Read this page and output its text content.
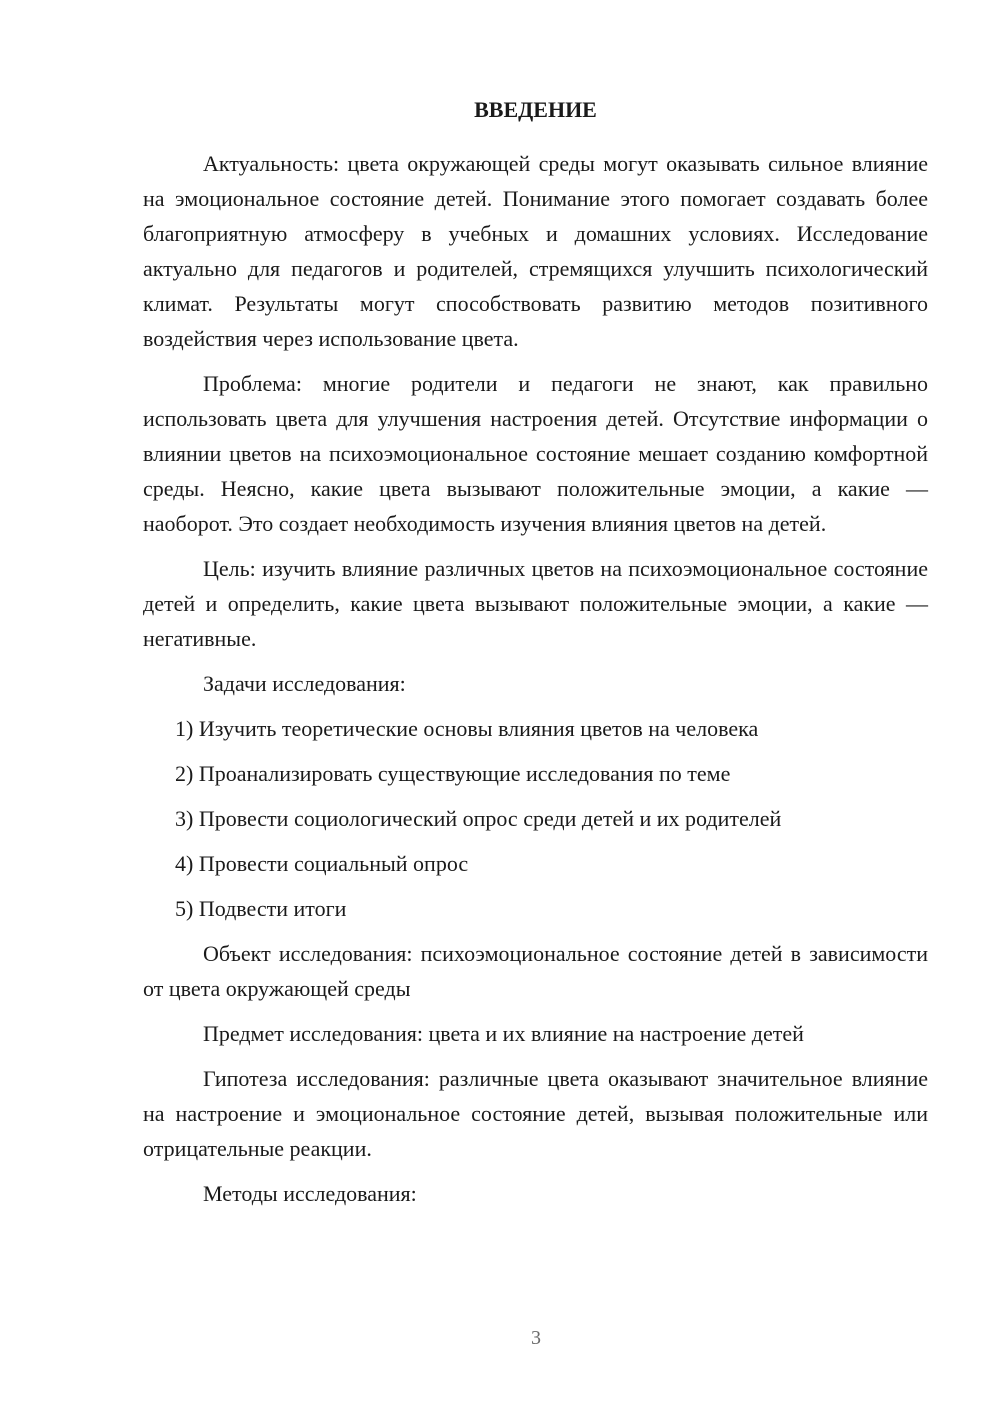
ВВЕДЕНИЕ

Актуальность: цвета окружающей среды могут оказывать сильное влияние на эмоциональное состояние детей. Понимание этого помогает создавать более благоприятную атмосферу в учебных и домашних условиях. Исследование актуально для педагогов и родителей, стремящихся улучшить психологический климат. Результаты могут способствовать развитию методов позитивного воздействия через использование цвета.

Проблема: многие родители и педагоги не знают, как правильно использовать цвета для улучшения настроения детей. Отсутствие информации о влиянии цветов на психоэмоциональное состояние мешает созданию комфортной среды. Неясно, какие цвета вызывают положительные эмоции, а какие — наоборот. Это создает необходимость изучения влияния цветов на детей.

Цель: изучить влияние различных цветов на психоэмоциональное состояние детей и определить, какие цвета вызывают положительные эмоции, а какие — негативные.

Задачи исследования:

1) Изучить теоретические основы влияния цветов на человека
2) Проанализировать существующие исследования по теме
3) Провести социологический опрос среди детей и их родителей
4) Провести социальный опрос
5) Подвести итоги

Объект исследования: психоэмоциональное состояние детей в зависимости от цвета окружающей среды

Предмет исследования: цвета и их влияние на настроение детей

Гипотеза исследования: различные цвета оказывают значительное влияние на настроение и эмоциональное состояние детей, вызывая положительные или отрицательные реакции.

Методы исследования:

3
